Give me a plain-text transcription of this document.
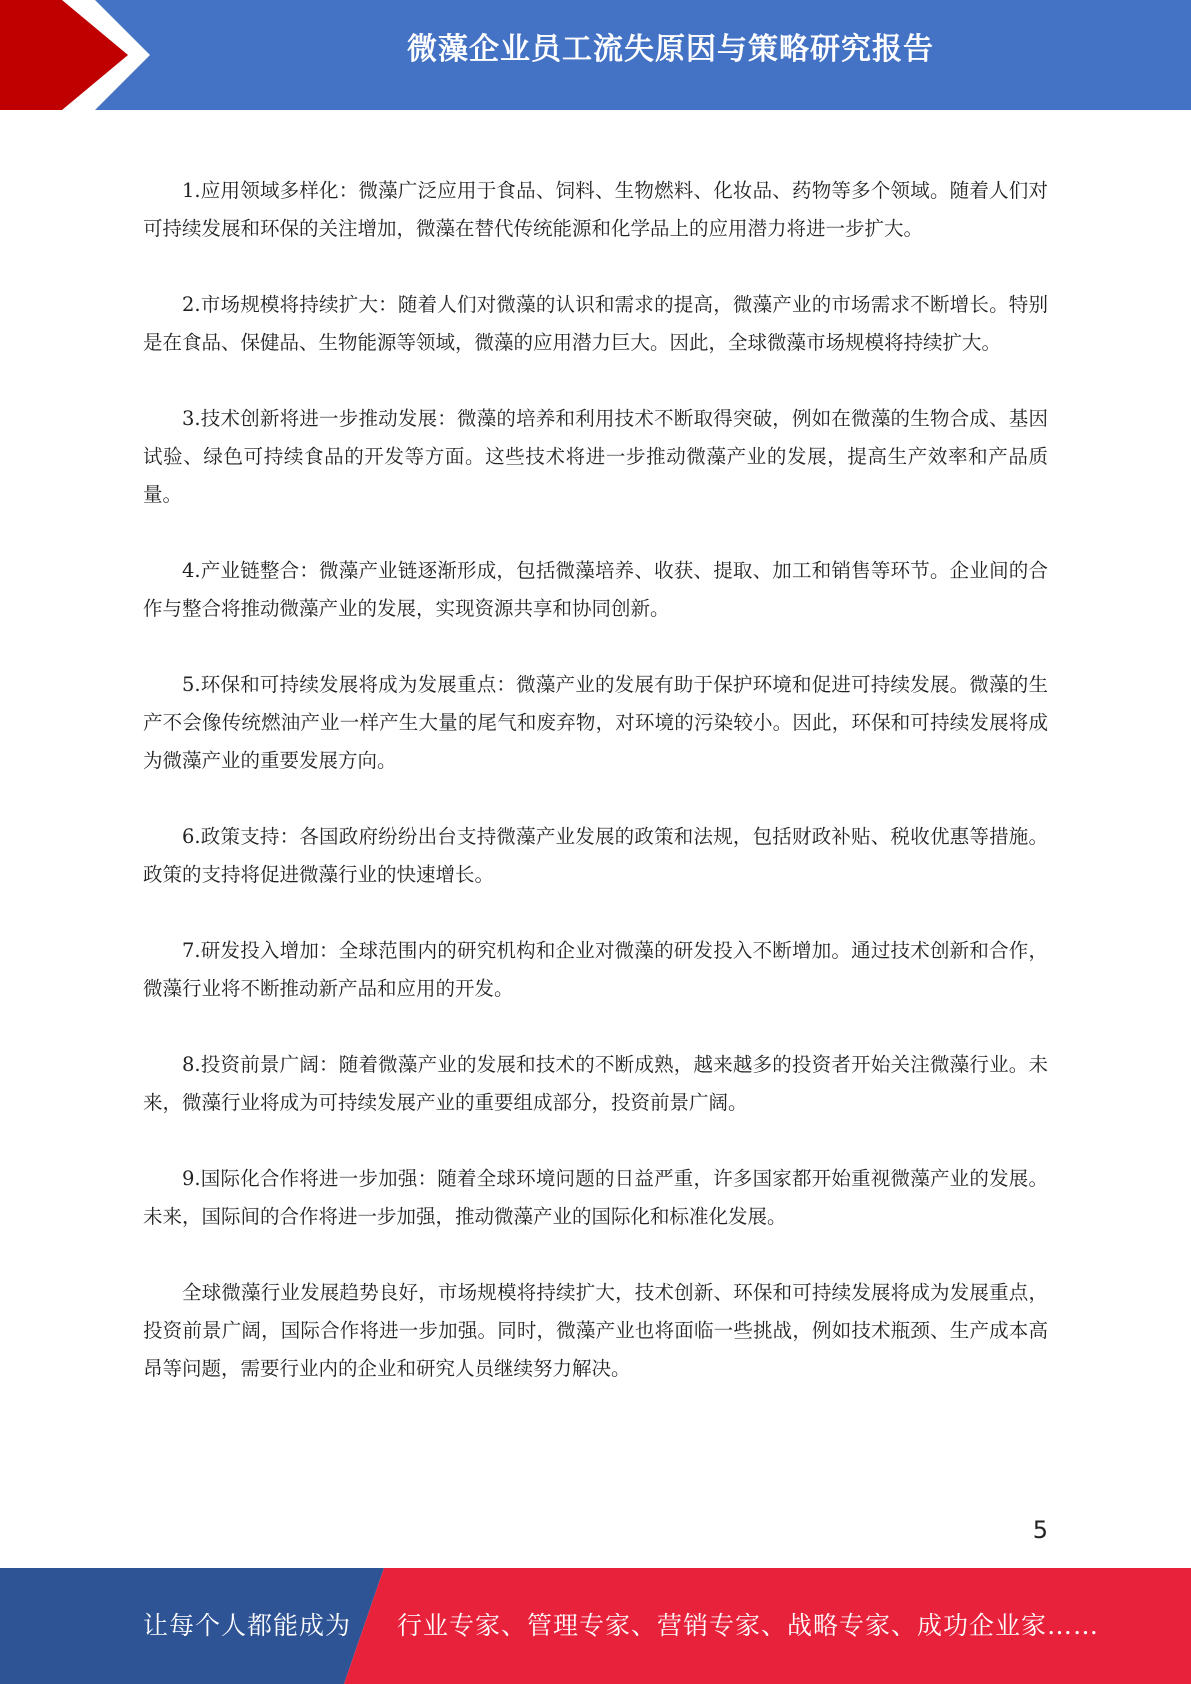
微藻企业员工流失原因与策略研究报告

1.应用领域多样化：微藻广泛应用于食品、饲料、生物燃料、化妆品、药物等多个领域。随着人们对可持续发展和环保的关注增加，微藻在替代传统能源和化学品上的应用潜力将进一步扩大。

2.市场规模将持续扩大：随着人们对微藻的认识和需求的提高，微藻产业的市场需求不断增长。特别是在食品、保健品、生物能源等领域，微藻的应用潜力巨大。因此，全球微藻市场规模将持续扩大。

3.技术创新将进一步推动发展：微藻的培养和利用技术不断取得突破，例如在微藻的生物合成、基因试验、绿色可持续食品的开发等方面。这些技术将进一步推动微藻产业的发展，提高生产效率和产品质量。

4.产业链整合：微藻产业链逐渐形成，包括微藻培养、收获、提取、加工和销售等环节。企业间的合作与整合将推动微藻产业的发展，实现资源共享和协同创新。

5.环保和可持续发展将成为发展重点：微藻产业的发展有助于保护环境和促进可持续发展。微藻的生产不会像传统燃油产业一样产生大量的尾气和废弃物，对环境的污染较小。因此，环保和可持续发展将成为微藻产业的重要发展方向。

6.政策支持：各国政府纷纷出台支持微藻产业发展的政策和法规，包括财政补贴、税收优惠等措施。政策的支持将促进微藻行业的快速增长。

7.研发投入增加：全球范围内的研究机构和企业对微藻的研发投入不断增加。通过技术创新和合作，微藻行业将不断推动新产品和应用的开发。

8.投资前景广阔：随着微藻产业的发展和技术的不断成熟，越来越多的投资者开始关注微藻行业。未来，微藻行业将成为可持续发展产业的重要组成部分，投资前景广阔。

9.国际化合作将进一步加强：随着全球环境问题的日益严重，许多国家都开始重视微藻产业的发展。未来，国际间的合作将进一步加强，推动微藻产业的国际化和标准化发展。

全球微藻行业发展趋势良好，市场规模将持续扩大，技术创新、环保和可持续发展将成为发展重点，投资前景广阔，国际合作将进一步加强。同时，微藻产业也将面临一些挑战，例如技术瓶颈、生产成本高昂等问题，需要行业内的企业和研究人员继续努力解决。

5
让每个人都能成为 行业专家、管理专家、营销专家、战略专家、成功企业家……
